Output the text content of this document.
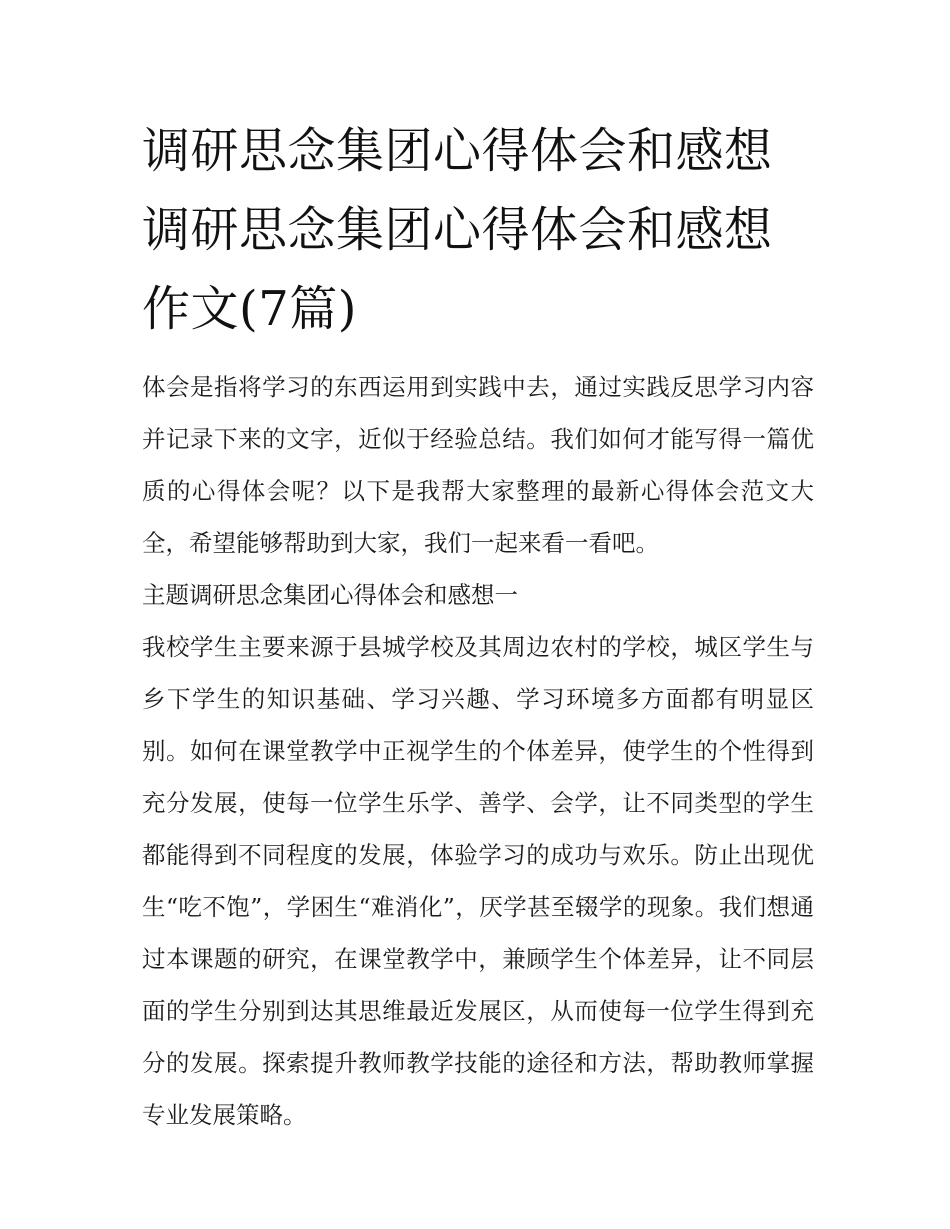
调研思念集团心得体会和感想
调研思念集团心得体会和感想
作文(7篇)

体会是指将学习的东西运用到实践中去，通过实践反思学习内容并记录下来的文字，近似于经验总结。我们如何才能写得一篇优质的心得体会呢？以下是我帮大家整理的最新心得体会范文大全，希望能够帮助到大家，我们一起来看一看吧。

主题调研思念集团心得体会和感想一

我校学生主要来源于县城学校及其周边农村的学校，城区学生与乡下学生的知识基础、学习兴趣、学习环境多方面都有明显区别。如何在课堂教学中正视学生的个体差异，使学生的个性得到充分发展，使每一位学生乐学、善学、会学，让不同类型的学生都能得到不同程度的发展，体验学习的成功与欢乐。防止出现优生“吃不饱”，学困生“难消化”，厌学甚至辍学的现象。我们想通过本课题的研究，在课堂教学中，兼顾学生个体差异，让不同层面的学生分别到达其思维最近发展区，从而使每一位学生得到充分的发展。探索提升教师教学技能的途径和方法，帮助教师掌握专业发展策略。
